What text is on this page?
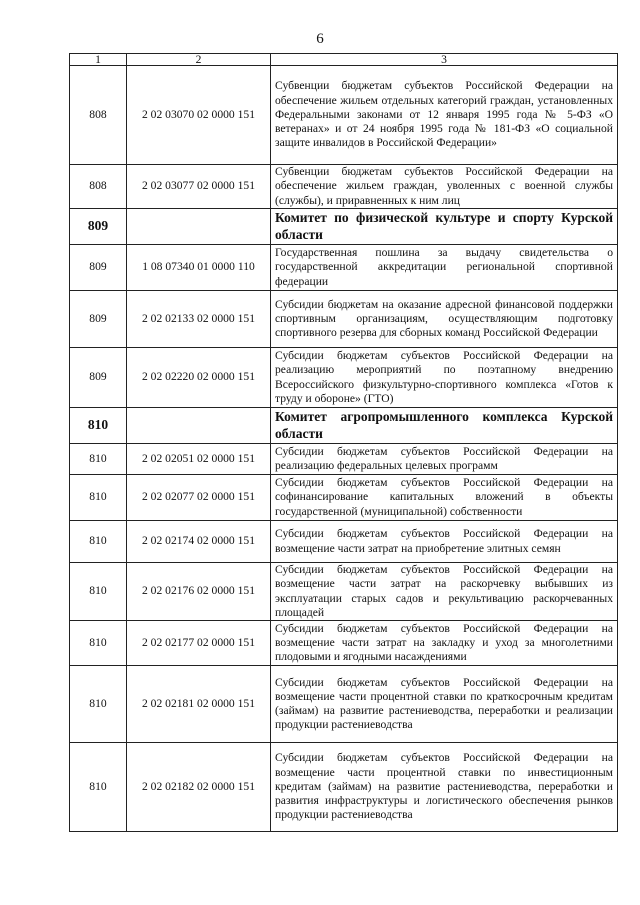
6
1	2	3
808	2 02 03070 02 0000 151	Субвенции бюджетам субъектов Российской Федерации на обеспечение жильем отдельных категорий граждан, установленных Федеральными законами от 12 января 1995 года № 5-ФЗ «О ветеранах» и от 24 ноября 1995 года № 181-ФЗ «О социальной защите инвалидов в Российской Федерации»
808	2 02 03077 02 0000 151	Субвенции бюджетам субъектов Российской Федерации на обеспечение жильем граждан, уволенных с военной службы (службы), и приравненных к ним лиц
809		Комитет по физической культуре и спорту Курской области
809	1 08 07340 01 0000 110	Государственная пошлина за выдачу свидетельства о государственной аккредитации региональной спортивной федерации
809	2 02 02133 02 0000 151	Субсидии бюджетам на оказание адресной финансовой поддержки спортивным организациям, осуществляющим подготовку спортивного резерва для сборных команд Российской Федерации
809	2 02 02220 02 0000 151	Субсидии бюджетам субъектов Российской Федерации на реализацию мероприятий по поэтапному внедрению Всероссийского физкультурно-спортивного комплекса «Готов к труду и обороне» (ГТО)
810		Комитет агропромышленного комплекса Курской области
810	2 02 02051 02 0000 151	Субсидии бюджетам субъектов Российской Федерации на реализацию федеральных целевых программ
810	2 02 02077 02 0000 151	Субсидии бюджетам субъектов Российской Федерации на софинансирование капитальных вложений в объекты государственной (муниципальной) собственности
810	2 02 02174 02 0000 151	Субсидии бюджетам субъектов Российской Федерации на возмещение части затрат на приобретение элитных семян
810	2 02 02176 02 0000 151	Субсидии бюджетам субъектов Российской Федерации на возмещение части затрат на раскорчевку выбывших из эксплуатации старых садов и рекультивацию раскорчеванных площадей
810	2 02 02177 02 0000 151	Субсидии бюджетам субъектов Российской Федерации на возмещение части затрат на закладку и уход за многолетними плодовыми и ягодными насаждениями
810	2 02 02181 02 0000 151	Субсидии бюджетам субъектов Российской Федерации на возмещение части процентной ставки по краткосрочным кредитам (займам) на развитие растениеводства, переработки и реализации продукции растениеводства
810	2 02 02182 02 0000 151	Субсидии бюджетам субъектов Российской Федерации на возмещение части процентной ставки по инвестиционным кредитам (займам) на развитие растениеводства, переработки и развития инфраструктуры и логистического обеспечения рынков продукции растениеводства
